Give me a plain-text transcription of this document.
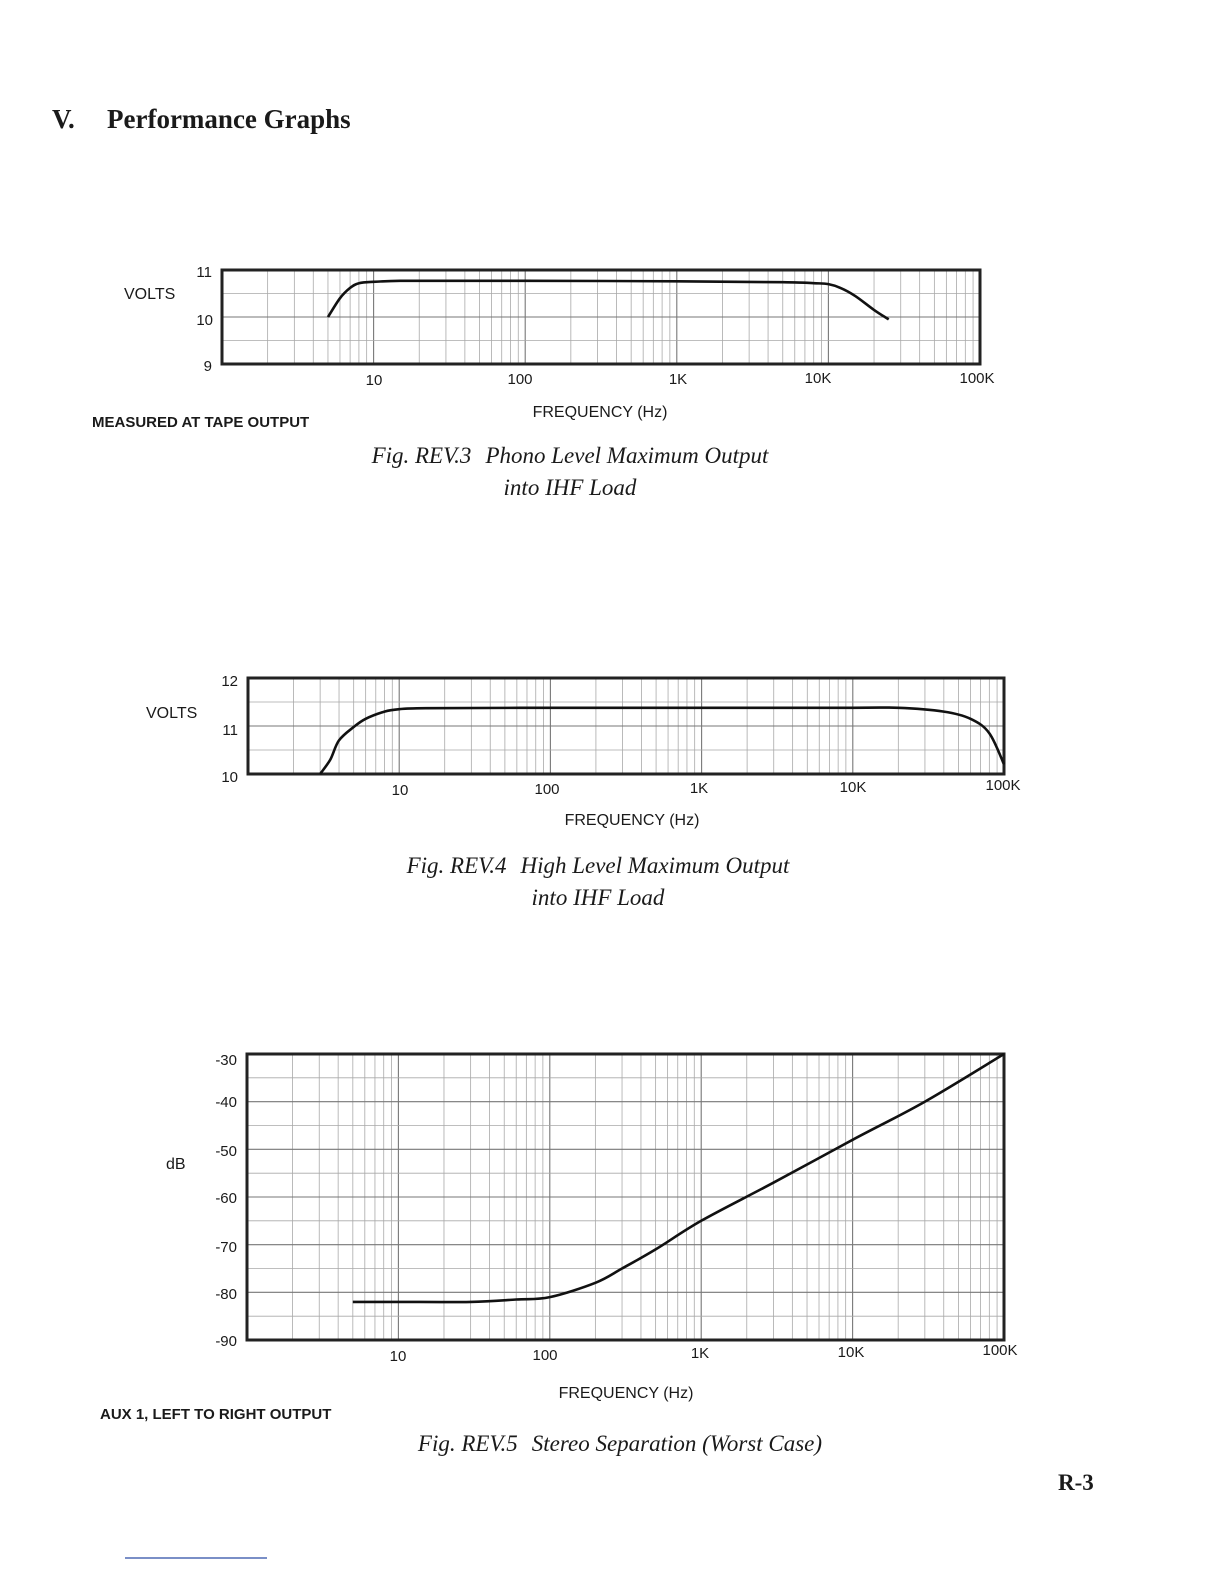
V. Performance Graphs
VOLTS
11
10
9
10	100	1K	10K	100K
FREQUENCY (Hz)
MEASURED AT TAPE OUTPUT
Fig. REV.3 Phono Level Maximum Output
into IHF Load
VOLTS
12
11
10
10	100	1K	10K	100K
FREQUENCY (Hz)
Fig. REV.4 High Level Maximum Output
into IHF Load
dB
-30
-40
-50
-60
-70
-80
-90
10	100	1K	10K	100K
FREQUENCY (Hz)
AUX 1, LEFT TO RIGHT OUTPUT
Fig. REV.5 Stereo Separation (Worst Case)
R-3
